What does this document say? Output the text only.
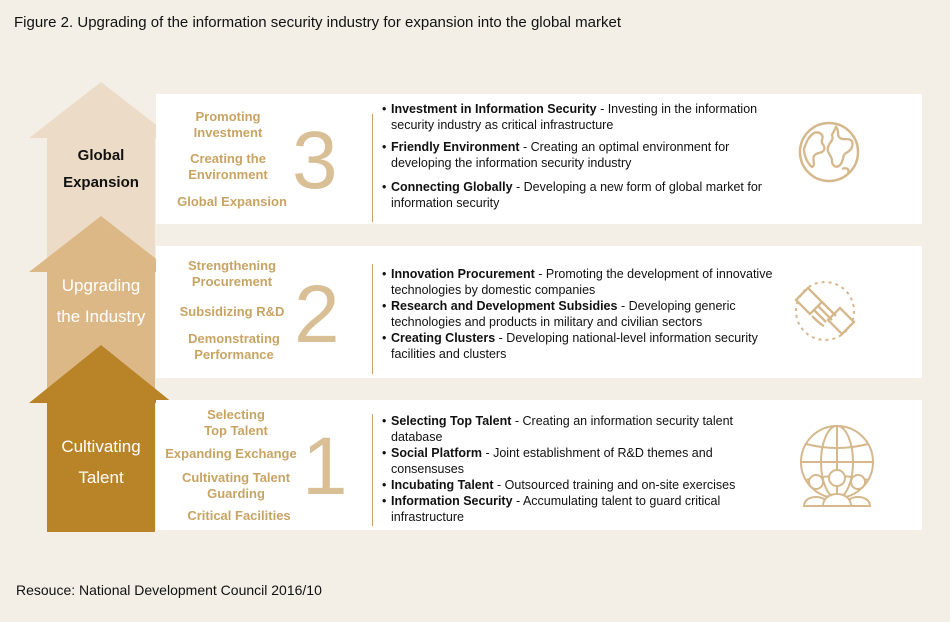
Figure 2. Upgrading of the information security industry for expansion into the global market
Global
Expansion
Upgrading
the Industry
Cultivating
Talent
Promoting
Investment
Creating the
Environment
Global Expansion 3
• Investment in Information Security - Investing in the information security industry as critical infrastructure
• Friendly Environment - Creating an optimal environment for developing the information security industry
• Connecting Globally - Developing a new form of global market for information security
Strengthening
Procurement
Subsidizing R&D
Demonstrating
Performance 2	• Innovation Procurement - Promoting the development of innovative technologies by domestic companies
• Research and Development Subsidies - Developing generic technologies and products in military and civilian sectors
• Creating Clusters - Developing national-level information security facilities and clusters
Selecting
Top Talent
Expanding Exchange
Cultivating Talent
Guarding
Critical Facilities
1	• Selecting Top Talent - Creating an information security talent database
• Social Platform - Joint establishment of R&D themes and consensuses
• Incubating Talent - Outsourced training and on-site exercises
• Information Security - Accumulating talent to guard critical infrastructure
Resouce: National Development Council 2016/10
